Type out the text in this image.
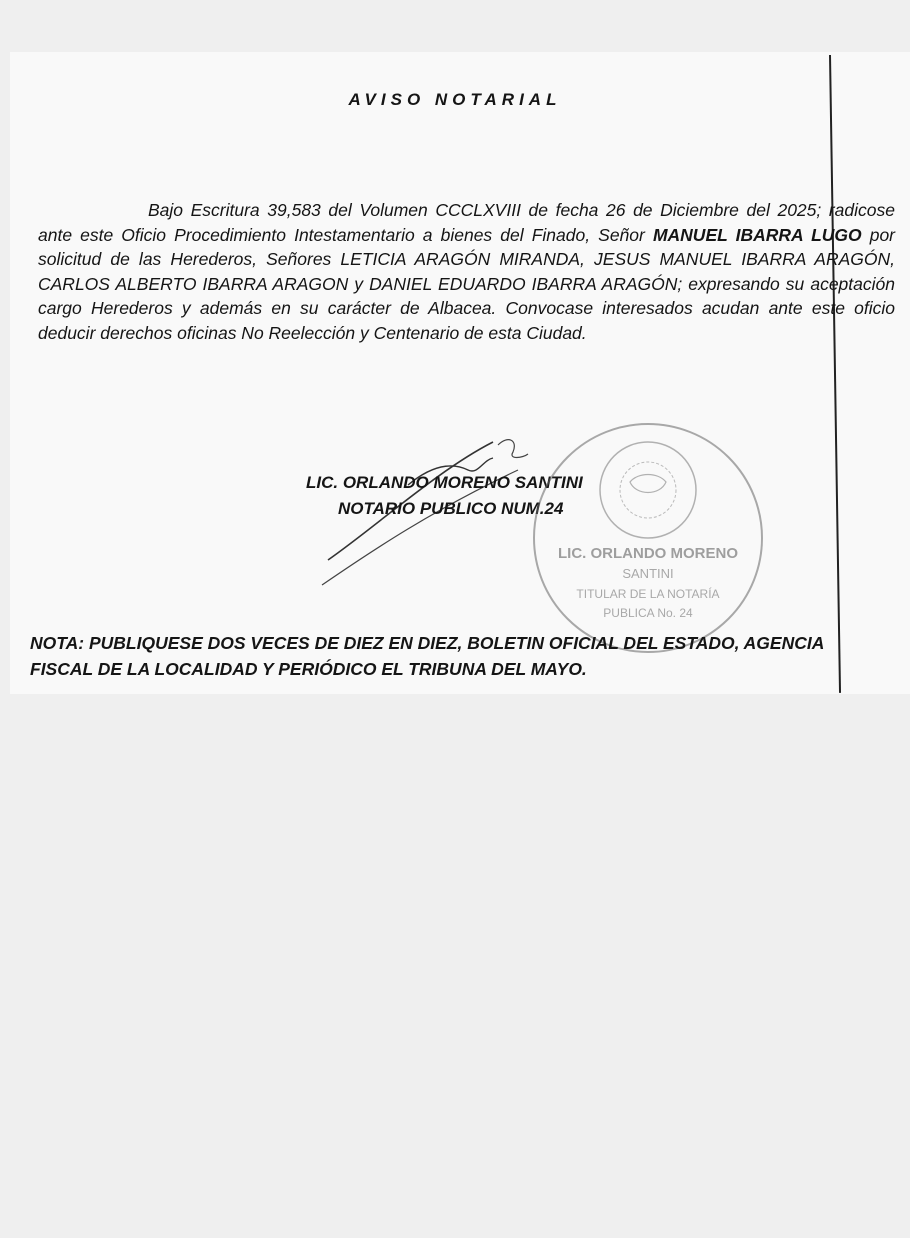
AVISO NOTARIAL
Bajo Escritura 39,583 del Volumen CCCLXVIII de fecha 26 de Diciembre del 2025; radicose ante este Oficio Procedimiento Intestamentario a bienes del Finado, Señor MANUEL IBARRA LUGO por solicitud de las Herederos, Señores LETICIA ARAGÓN MIRANDA, JESUS MANUEL IBARRA ARAGÓN, CARLOS ALBERTO IBARRA ARAGON y DANIEL EDUARDO IBARRA ARAGÓN; expresando su aceptación cargo Herederos y además en su carácter de Albacea. Convocase interesados acudan ante este oficio deducir derechos oficinas No Reelección y Centenario de esta Ciudad.
LIC. ORLANDO MORENO SANTINI
NOTARIO PUBLICO NUM.24
LIC. ORLANDO MORENO
SANTINI
TITULAR DE LA NOTARÍA
PUBLICA No. 24
NOTA: PUBLIQUESE DOS VECES DE DIEZ EN DIEZ, BOLETIN OFICIAL DEL ESTADO, AGENCIA
FISCAL DE LA LOCALIDAD Y PERIÓDICO EL TRIBUNA DEL MAYO.
